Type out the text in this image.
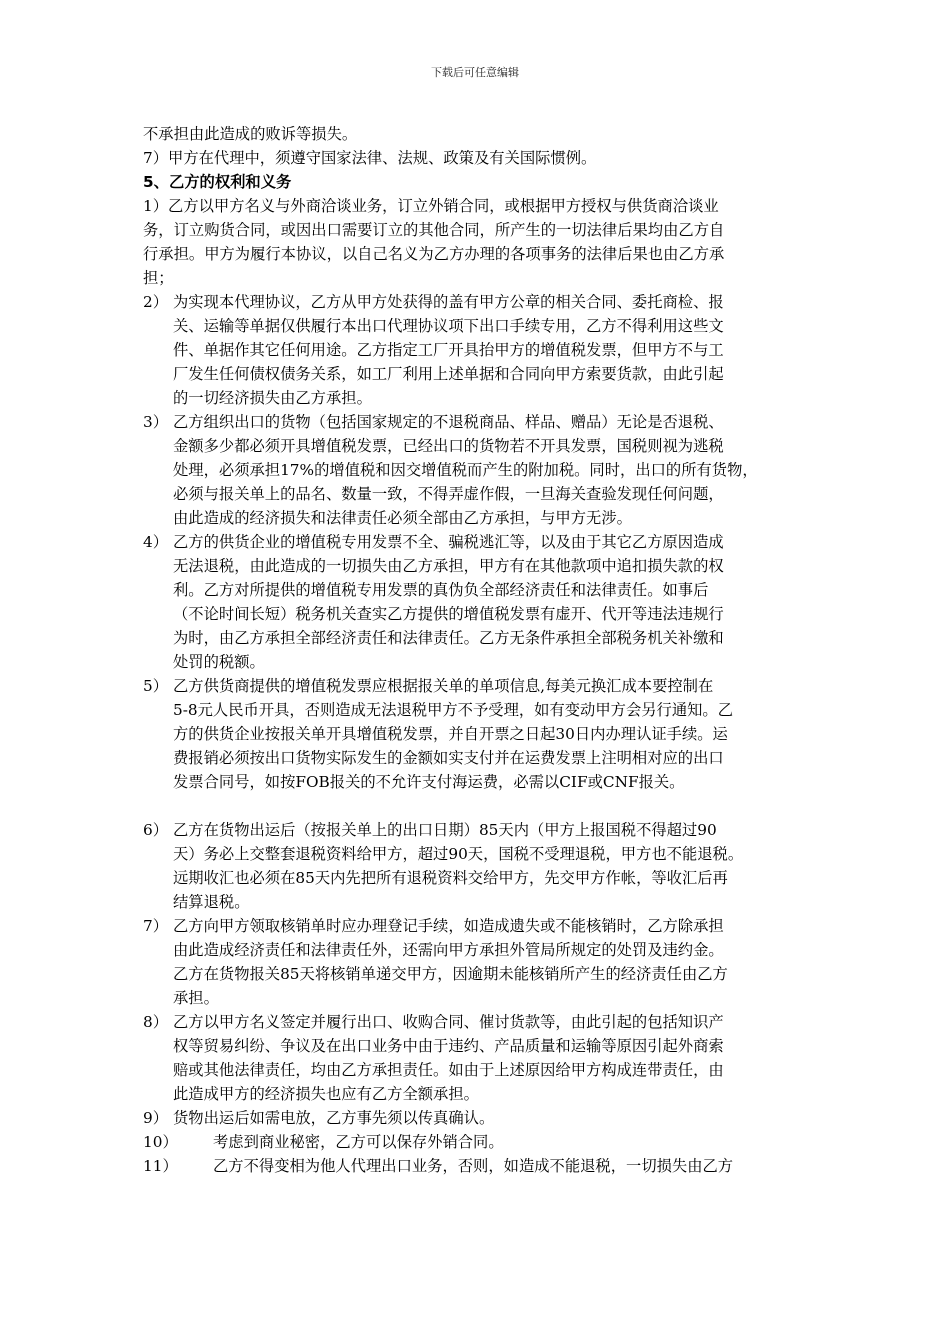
下载后可任意编辑
不承担由此造成的败诉等损失。
7）甲方在代理中，须遵守国家法律、法规、政策及有关国际惯例。
5、乙方的权利和义务
1）乙方以甲方名义与外商洽谈业务，订立外销合同，或根据甲方授权与供货商洽谈业
务，订立购货合同，或因出口需要订立的其他合同，所产生的一切法律后果均由乙方自
行承担。甲方为履行本协议，以自己名义为乙方办理的各项事务的法律后果也由乙方承
担；
2） 为实现本代理协议，乙方从甲方处获得的盖有甲方公章的相关合同、委托商检、报
关、运输等单据仅供履行本出口代理协议项下出口手续专用，乙方不得利用这些文
件、单据作其它任何用途。乙方指定工厂开具抬甲方的增值税发票，但甲方不与工
厂发生任何债权债务关系，如工厂利用上述单据和合同向甲方索要货款，由此引起
的一切经济损失由乙方承担。
3） 乙方组织出口的货物（包括国家规定的不退税商品、样品、赠品）无论是否退税、
金额多少都必须开具增值税发票，已经出口的货物若不开具发票，国税则视为逃税
处理，必须承担17%的增值税和因交增值税而产生的附加税。同时，出口的所有货物，
必须与报关单上的品名、数量一致，不得弄虚作假，一旦海关查验发现任何问题，
由此造成的经济损失和法律责任必须全部由乙方承担，与甲方无涉。
4） 乙方的供货企业的增值税专用发票不全、骗税逃汇等，以及由于其它乙方原因造成
无法退税，由此造成的一切损失由乙方承担，甲方有在其他款项中追扣损失款的权
利。乙方对所提供的增值税专用发票的真伪负全部经济责任和法律责任。如事后
（不论时间长短）税务机关查实乙方提供的增值税发票有虚开、代开等违法违规行
为时，由乙方承担全部经济责任和法律责任。乙方无条件承担全部税务机关补缴和
处罚的税额。
5） 乙方供货商提供的增值税发票应根据报关单的单项信息,每美元换汇成本要控制在
5-8元人民币开具，否则造成无法退税甲方不予受理，如有变动甲方会另行通知。乙
方的供货企业按报关单开具增值税发票，并自开票之日起30日内办理认证手续。运
费报销必须按出口货物实际发生的金额如实支付并在运费发票上注明相对应的出口
发票合同号，如按FOB报关的不允许支付海运费，必需以CIF或CNF报关。
6） 乙方在货物出运后（按报关单上的出口日期）85天内（甲方上报国税不得超过90
天）务必上交整套退税资料给甲方，超过90天，国税不受理退税，甲方也不能退税。
远期收汇也必须在85天内先把所有退税资料交给甲方，先交甲方作帐，等收汇后再
结算退税。
7） 乙方向甲方领取核销单时应办理登记手续，如造成遗失或不能核销时，乙方除承担
由此造成经济责任和法律责任外，还需向甲方承担外管局所规定的处罚及违约金。
乙方在货物报关85天将核销单递交甲方，因逾期未能核销所产生的经济责任由乙方
承担。
8） 乙方以甲方名义签定并履行出口、收购合同、催讨货款等，由此引起的包括知识产
权等贸易纠纷、争议及在出口业务中由于违约、产品质量和运输等原因引起外商索
赔或其他法律责任，均由乙方承担责任。如由于上述原因给甲方构成连带责任，由
此造成甲方的经济损失也应有乙方全额承担。
9） 货物出运后如需电放，乙方事先须以传真确认。
10） 考虑到商业秘密，乙方可以保存外销合同。
11） 乙方不得变相为他人代理出口业务，否则，如造成不能退税，一切损失由乙方
